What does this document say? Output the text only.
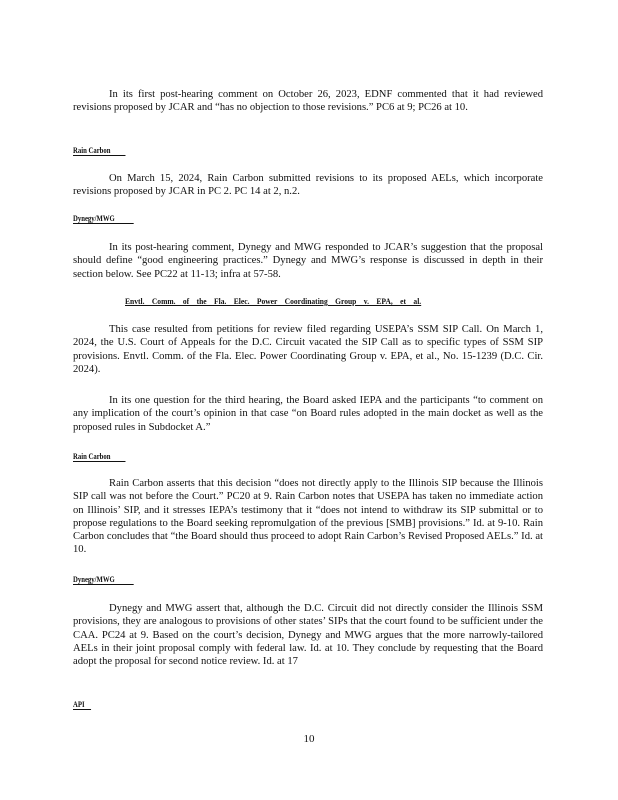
In its first post-hearing comment on October 26, 2023, EDNF commented that it had reviewed revisions proposed by JCAR and “has no objection to those revisions.” PC6 at 9; PC26 at 10.

Rain Carbon

On March 15, 2024, Rain Carbon submitted revisions to its proposed AELs, which incorporate revisions proposed by JCAR in PC 2. PC 14 at 2, n.2.

Dynegy/MWG

In its post-hearing comment, Dynegy and MWG responded to JCAR’s suggestion that the proposal should define “good engineering practices.” Dynegy and MWG’s response is discussed in depth in their section below. See PC22 at 11-13; infra at 57-58.

Envtl. Comm. of the Fla. Elec. Power Coordinating Group v. EPA, et al.

This case resulted from petitions for review filed regarding USEPA’s SSM SIP Call. On March 1, 2024, the U.S. Court of Appeals for the D.C. Circuit vacated the SIP Call as to specific types of SSM SIP provisions. Envtl. Comm. of the Fla. Elec. Power Coordinating Group v. EPA, et al., No. 15-1239 (D.C. Cir. 2024).

In its one question for the third hearing, the Board asked IEPA and the participants “to comment on any implication of the court’s opinion in that case “on Board rules adopted in the main docket as well as the proposed rules in Subdocket A.”

Rain Carbon

Rain Carbon asserts that this decision “does not directly apply to the Illinois SIP because the Illinois SIP call was not before the Court.” PC20 at 9. Rain Carbon notes that USEPA has taken no immediate action on Illinois’ SIP, and it stresses IEPA’s testimony that it “does not intend to withdraw its SIP submittal or to propose regulations to the Board seeking repromulgation of the previous [SMB] provisions.” Id. at 9-10. Rain Carbon concludes that “the Board should thus proceed to adopt Rain Carbon’s Revised Proposed AELs.” Id. at 10.

Dynegy/MWG

Dynegy and MWG assert that, although the D.C. Circuit did not directly consider the Illinois SSM provisions, they are analogous to provisions of other states’ SIPs that the court found to be sufficient under the CAA. PC24 at 9. Based on the court’s decision, Dynegy and MWG argues that the more narrowly-tailored AELs in their joint proposal comply with federal law. Id. at 10. They conclude by requesting that the Board adopt the proposal for second notice review. Id. at 17

API

10
